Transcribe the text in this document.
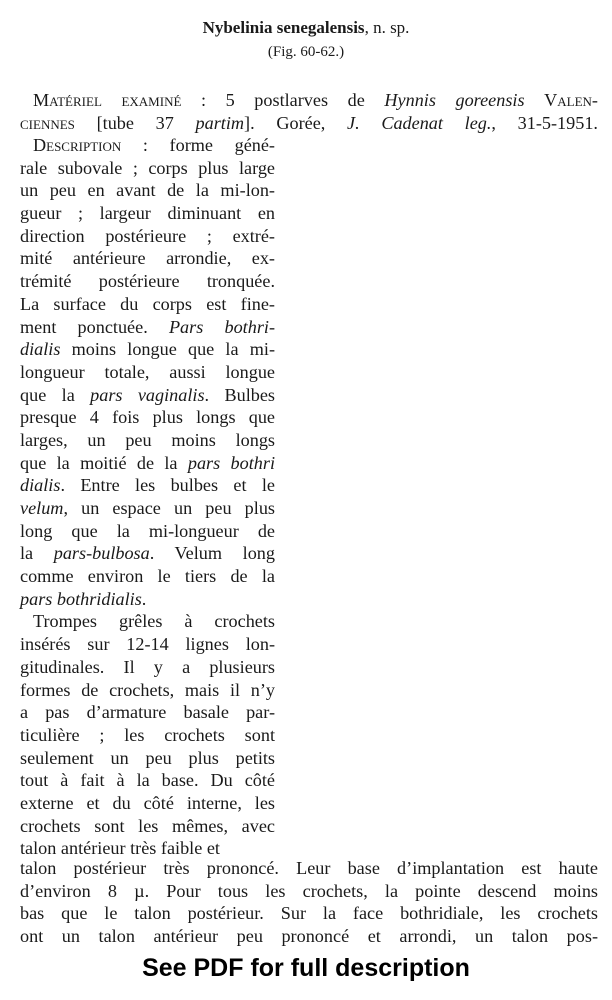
Nybelinia senegalensis, n. sp.
(Fig. 60-62.)
Matériel examiné : 5 postlarves de Hynnis goreensis Valen-
ciennes [tube 37 partim]. Gorée, J. Cadenat leg., 31-5-1951.
Description : forme géné-
rale subovale ; corps plus large
un peu en avant de la mi-lon-
gueur ; largeur diminuant en
direction postérieure ; extré-
mité antérieure arrondie, ex-
trémité postérieure tronquée.
La surface du corps est fine-
ment ponctuée. Pars bothri-
dialis moins longue que la mi-
longueur totale, aussi longue
que la pars vaginalis. Bulbes
presque 4 fois plus longs que
larges, un peu moins longs
que la moitié de la pars bothri
dialis. Entre les bulbes et le
velum, un espace un peu plus
long que la mi-longueur de
la pars-bulbosa. Velum long
comme environ le tiers de la
pars bothridialis.
Trompes grêles à crochets
insérés sur 12-14 lignes lon-
gitudinales. Il y a plusieurs
formes de crochets, mais il n’y
a pas d’armature basale par-
ticulière ; les crochets sont
seulement un peu plus petits
tout à fait à la base. Du côté
externe et du côté interne, les
crochets sont les mêmes, avec
talon antérieur très faible et
talon postérieur très prononcé. Leur base d’implantation est haute
d’environ 8 µ. Pour tous les crochets, la pointe descend moins
bas que le talon postérieur. Sur la face bothridiale, les crochets
ont un talon antérieur peu prononcé et arrondi, un talon pos-
See PDF for full description
